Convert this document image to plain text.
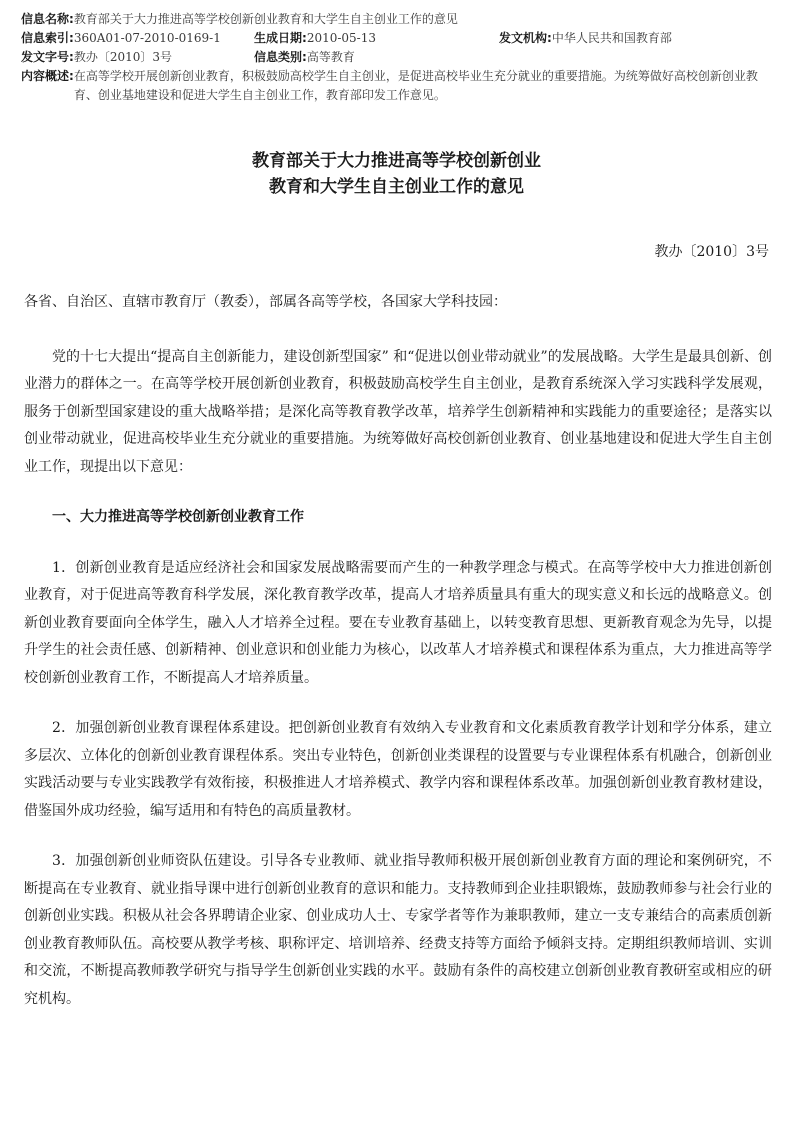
信息名称: 教育部关于大力推进高等学校创新创业教育和大学生自主创业工作的意见
信息索引:360A01-07-2010-0169-1	生成日期:2010-05-13	发文机构:中华人民共和国教育部
发文字号:教办〔2010〕3号	信息类别:高等教育
内容概述: 在高等学校开展创新创业教育，积极鼓励高校学生自主创业，是促进高校毕业生充分就业的重要措施。为统筹做好高校创新创业教育、创业基地建设和促进大学生自主创业工作，教育部印发工作意见。
教育部关于大力推进高等学校创新创业
教育和大学生自主创业工作的意见
教办〔2010〕3号

各省、自治区、直辖市教育厅（教委），部属各高等学校，各国家大学科技园：

党的十七大提出“提高自主创新能力，建设创新型国家” 和“促进以创业带动就业”的发展战略。大学生是最具创新、创业潜力的群体之一。在高等学校开展创新创业教育，积极鼓励高校学生自主创业，是教育系统深入学习实践科学发展观，服务于创新型国家建设的重大战略举措；是深化高等教育教学改革，培养学生创新精神和实践能力的重要途径；是落实以创业带动就业，促进高校毕业生充分就业的重要措施。为统筹做好高校创新创业教育、创业基地建设和促进大学生自主创业工作，现提出以下意见：

一、大力推进高等学校创新创业教育工作

1．创新创业教育是适应经济社会和国家发展战略需要而产生的一种教学理念与模式。在高等学校中大力推进创新创业教育，对于促进高等教育科学发展，深化教育教学改革，提高人才培养质量具有重大的现实意义和长远的战略意义。创新创业教育要面向全体学生，融入人才培养全过程。要在专业教育基础上，以转变教育思想、更新教育观念为先导，以提升学生的社会责任感、创新精神、创业意识和创业能力为核心，以改革人才培养模式和课程体系为重点，大力推进高等学校创新创业教育工作，不断提高人才培养质量。

2．加强创新创业教育课程体系建设。把创新创业教育有效纳入专业教育和文化素质教育教学计划和学分体系，建立多层次、立体化的创新创业教育课程体系。突出专业特色，创新创业类课程的设置要与专业课程体系有机融合，创新创业实践活动要与专业实践教学有效衔接，积极推进人才培养模式、教学内容和课程体系改革。加强创新创业教育教材建设，借鉴国外成功经验，编写适用和有特色的高质量教材。

3．加强创新创业师资队伍建设。引导各专业教师、就业指导教师积极开展创新创业教育方面的理论和案例研究，不断提高在专业教育、就业指导课中进行创新创业教育的意识和能力。支持教师到企业挂职锻炼，鼓励教师参与社会行业的创新创业实践。积极从社会各界聘请企业家、创业成功人士、专家学者等作为兼职教师，建立一支专兼结合的高素质创新创业教育教师队伍。高校要从教学考核、职称评定、培训培养、经费支持等方面给予倾斜支持。定期组织教师培训、实训和交流，不断提高教师教学研究与指导学生创新创业实践的水平。鼓励有条件的高校建立创新创业教育教研室或相应的研究机构。
